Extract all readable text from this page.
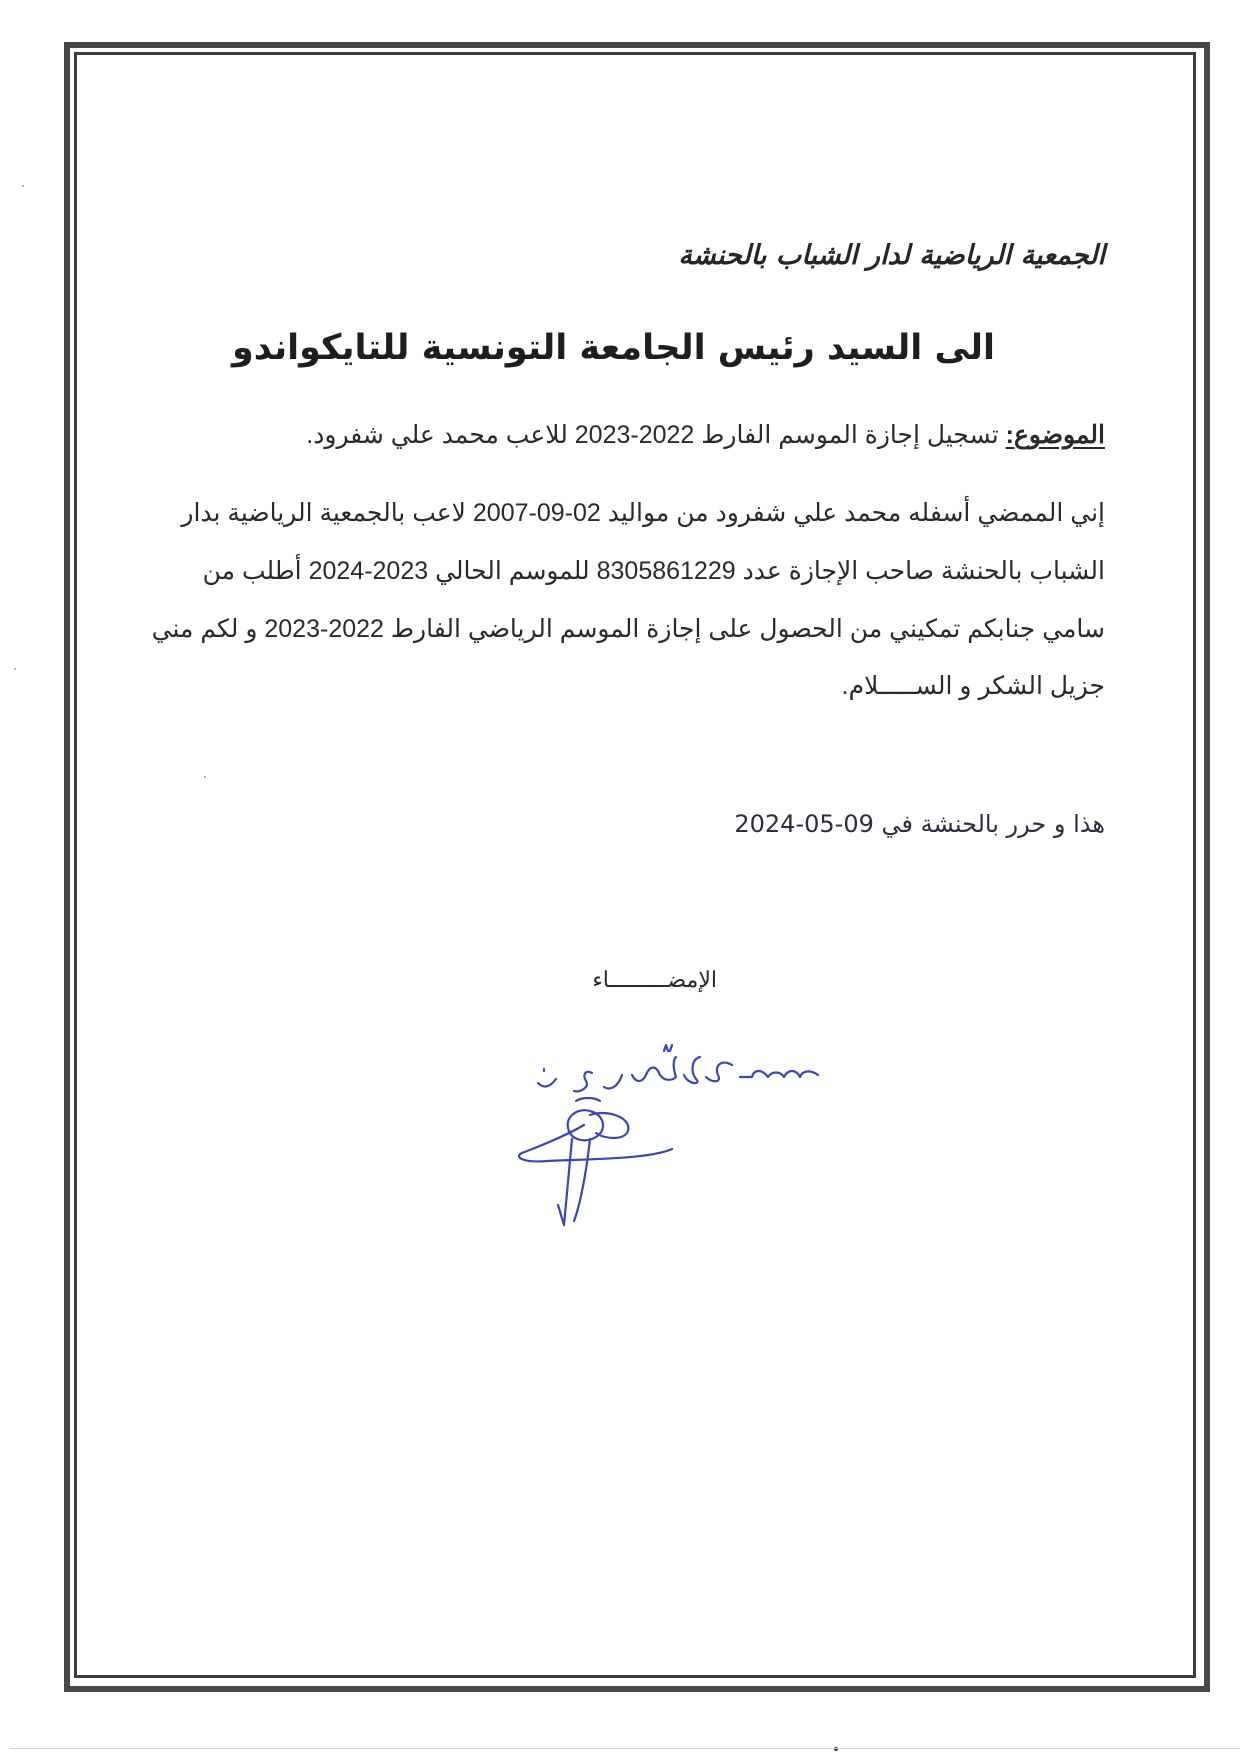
الجمعية الرياضية لدار الشباب بالحنشة
الى السيد رئيس الجامعة التونسية للتايكواندو
الموضوع: تسجيل إجازة الموسم الفارط 2022-2023 للاعب محمد علي شفرود.
إني الممضي أسفله محمد علي شفرود من مواليد 02-09-2007 لاعب بالجمعية الرياضية بدار
الشباب بالحنشة صاحب الإجازة عدد 8305861229 للموسم الحالي 2023-2024 أطلب من
سامي جنابكم تمكيني من الحصول على إجازة الموسم الرياضي الفارط 2022-2023 و لكم مني
جزيل الشكر و الســـــلام.
هذا و حرر بالحنشة في 09-05-2024
الإمضـــــــــاء
